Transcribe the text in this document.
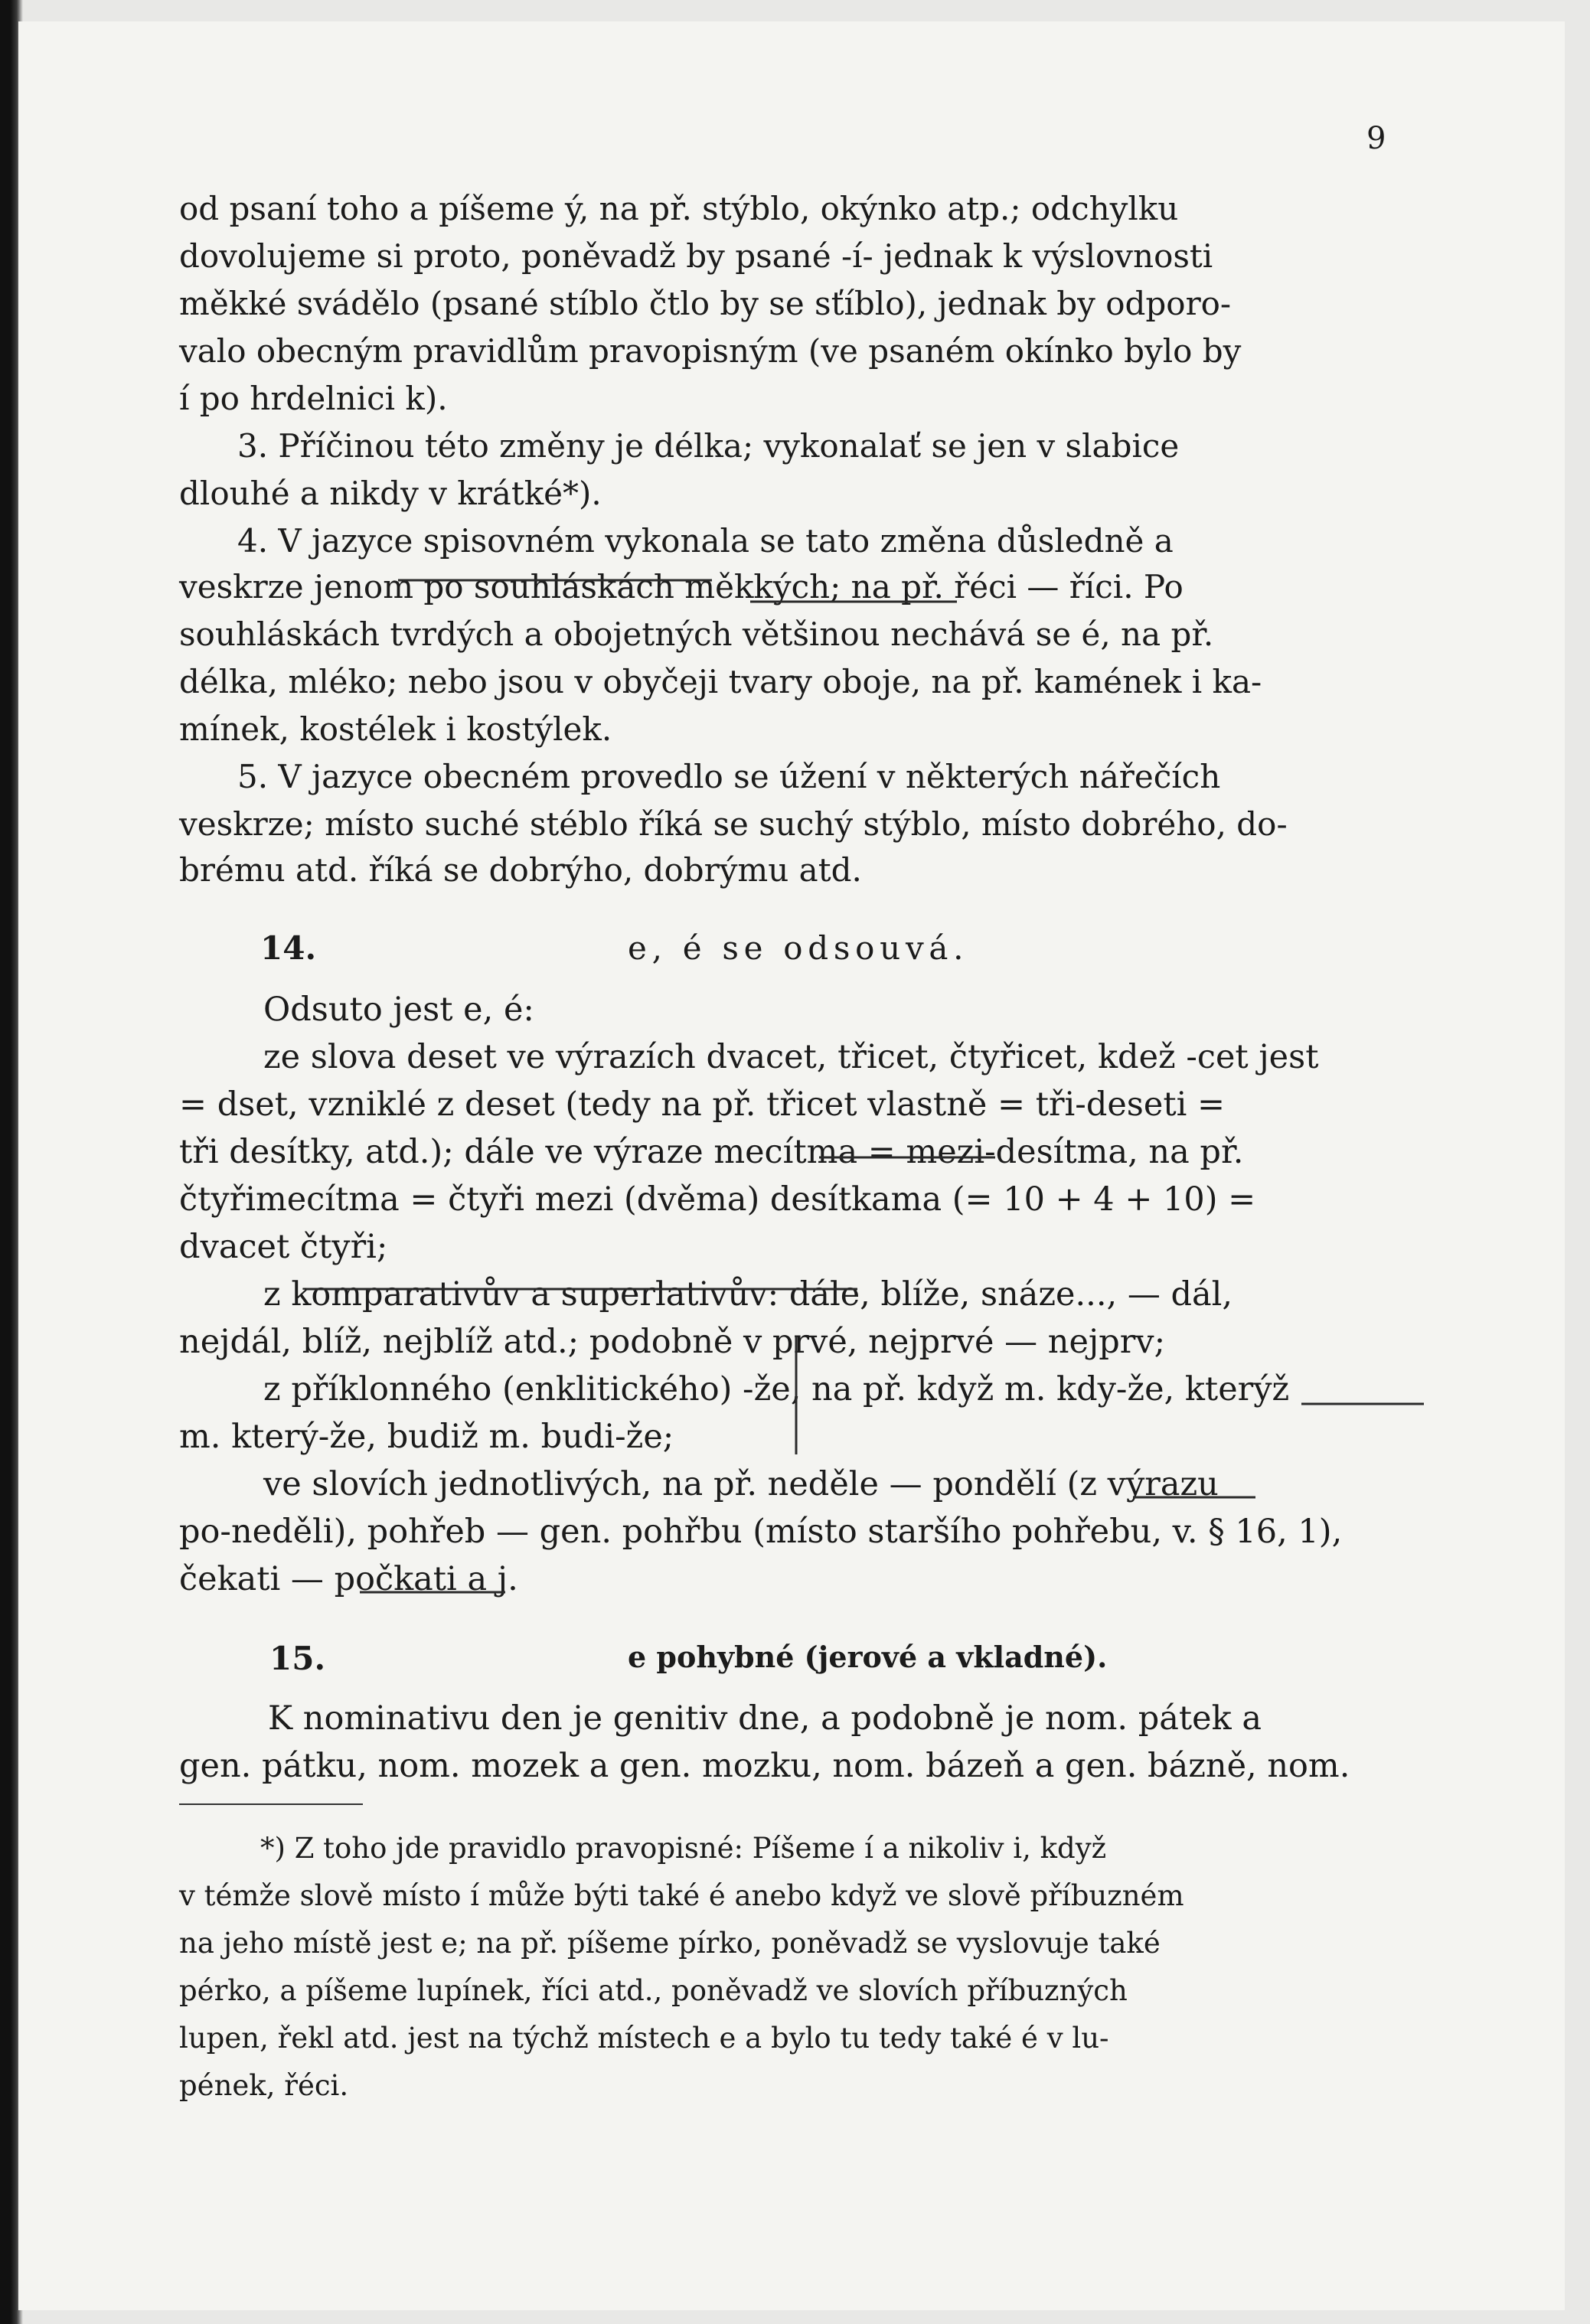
9
od psaní toho a píšeme ý, na př. stýblo, okýnko atp.; odchylku
dovolujeme si proto, poněvadž by psané -í- jednak k výslovnosti
měkké svádělo (psané stíblo čtlo by se sťíblo), jednak by odporo-
valo obecným pravidlům pravopisným (ve psaném okínko bylo by
í po hrdelnici k).
3. Příčinou této změny je délka; vykonalať se jen v slabice
dlouhé a nikdy v krátké*).
4. V jazyce spisovném vykonala se tato změna důsledně a
veskrze jenom po souhláskách měkkých; na př. řéci — říci. Po
souhláskách tvrdých a obojetných většinou nechává se é, na př.
délka, mléko; nebo jsou v obyčeji tvary oboje, na př. kamének i ka-
mínek, kostélek i kostýlek.
5. V jazyce obecném provedlo se úžení v některých nářečích
veskrze; místo suché stéblo říká se suchý stýblo, místo dobrého, do-
brému atd. říká se dobrýho, dobrýmu atd.
14.	e, é se odsouvá.
Odsuto jest e, é:
ze slova deset ve výrazích dvacet, třicet, čtyřicet, kdež -cet jest
= dset, vzniklé z deset (tedy na př. třicet vlastně = tři-deseti =
tři desítky, atd.); dále ve výraze mecítma = mezi-desítma, na př.
čtyřimecítma = čtyři mezi (dvěma) desítkama (= 10 + 4 + 10) =
dvacet čtyři;
z komparativův a superlativův: dále, blíže, snáze..., — dál,
nejdál, blíž, nejblíž atd.; podobně v prvé, nejprvé — nejprv;
z příklonného (enklitického) -že, na př. když m. kdy-že, kterýž
m. který-že, budiž m. budi-že;
ve slovích jednotlivých, na př. neděle — pondělí (z výrazu
po-neděli), pohřeb — gen. pohřbu (místo staršího pohřebu, v. § 16, 1),
čekati — počkati a j.
15.	e pohybné (jerové a vkladné).
K nominativu den je genitiv dne, a podobně je nom. pátek a
gen. pátku, nom. mozek a gen. mozku, nom. bázeň a gen. bázně, nom.
*) Z toho jde pravidlo pravopisné: Píšeme í a nikoliv i, když
v témže slově místo í může býti také é anebo když ve slově příbuzném
na jeho místě jest e; na př. píšeme pírko, poněvadž se vyslovuje také
pérko, a píšeme lupínek, říci atd., poněvadž ve slovích příbuzných
lupen, řekl atd. jest na týchž místech e a bylo tu tedy také é v lu-
pének, řéci.
